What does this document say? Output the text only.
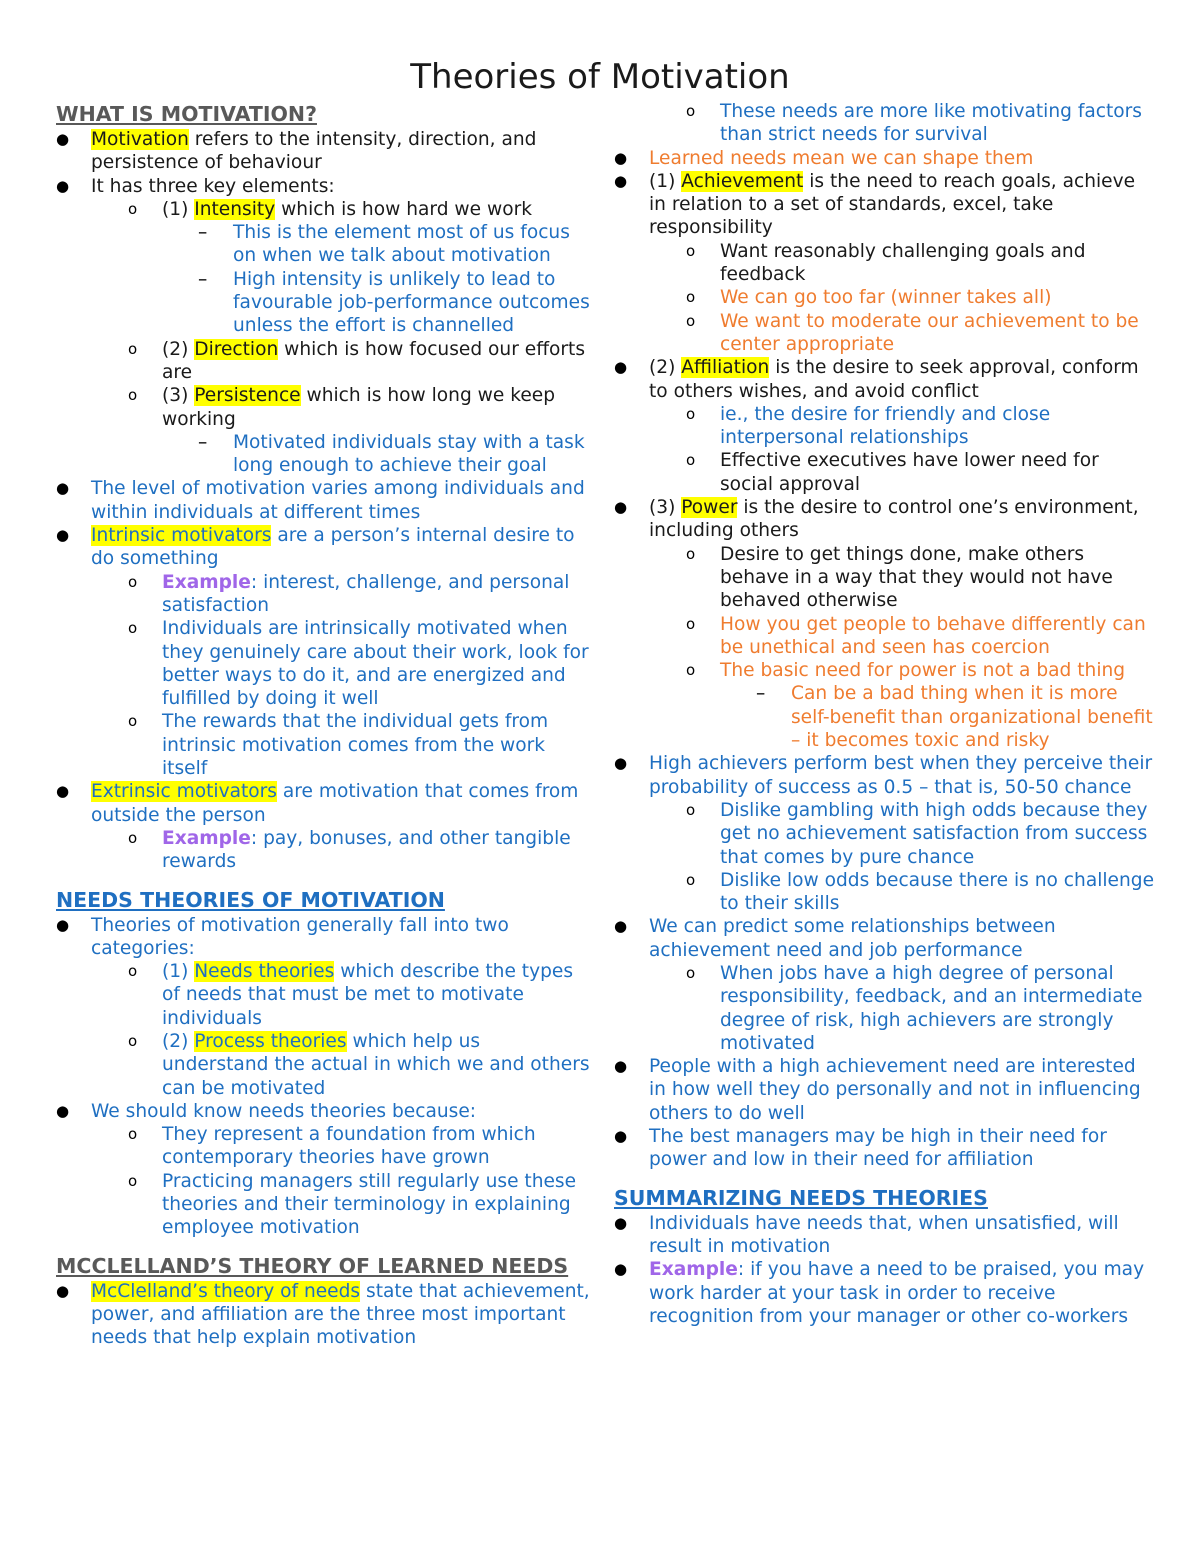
Theories of Motivation

WHAT IS MOTIVATION?

● Motivation refers to the intensity, direction, and persistence of behaviour
● It has three key elements:
o (1) Intensity which is how hard we work
– This is the element most of us focus on when we talk about motivation
– High intensity is unlikely to lead to favourable job-performance outcomes unless the effort is channelled
o (2) Direction which is how focused our efforts are
o (3) Persistence which is how long we keep working
– Motivated individuals stay with a task long enough to achieve their goal
● The level of motivation varies among individuals and within individuals at different times
● Intrinsic motivators are a person’s internal desire to do something
o Example: interest, challenge, and personal satisfaction
o Individuals are intrinsically motivated when they genuinely care about their work, look for better ways to do it, and are energized and fulfilled by doing it well
o The rewards that the individual gets from intrinsic motivation comes from the work itself
● Extrinsic motivators are motivation that comes from outside the person
o Example: pay, bonuses, and other tangible rewards

NEEDS THEORIES OF MOTIVATION

● Theories of motivation generally fall into two categories:
o (1) Needs theories which describe the types of needs that must be met to motivate individuals
o (2) Process theories which help us understand the actual in which we and others can be motivated
● We should know needs theories because:
o They represent a foundation from which contemporary theories have grown
o Practicing managers still regularly use these theories and their terminology in explaining employee motivation

MCCLELLAND’S THEORY OF LEARNED NEEDS

● McClelland’s theory of needs state that achievement, power, and affiliation are the three most important needs that help explain motivation
o These needs are more like motivating factors than strict needs for survival
● Learned needs mean we can shape them
● (1) Achievement is the need to reach goals, achieve in relation to a set of standards, excel, take responsibility
o Want reasonably challenging goals and feedback
o We can go too far (winner takes all)
o We want to moderate our achievement to be center appropriate
● (2) Affiliation is the desire to seek approval, conform to others wishes, and avoid conflict
o ie., the desire for friendly and close interpersonal relationships
o Effective executives have lower need for social approval
● (3) Power is the desire to control one’s environment, including others
o Desire to get things done, make others behave in a way that they would not have behaved otherwise
o How you get people to behave differently can be unethical and seen has coercion
o The basic need for power is not a bad thing
– Can be a bad thing when it is more self-benefit than organizational benefit – it becomes toxic and risky
● High achievers perform best when they perceive their probability of success as 0.5 – that is, 50-50 chance
o Dislike gambling with high odds because they get no achievement satisfaction from success that comes by pure chance
o Dislike low odds because there is no challenge to their skills
● We can predict some relationships between achievement need and job performance
o When jobs have a high degree of personal responsibility, feedback, and an intermediate degree of risk, high achievers are strongly motivated
● People with a high achievement need are interested in how well they do personally and not in influencing others to do well
● The best managers may be high in their need for power and low in their need for affiliation

SUMMARIZING NEEDS THEORIES

● Individuals have needs that, when unsatisfied, will result in motivation
● Example: if you have a need to be praised, you may work harder at your task in order to receive recognition from your manager or other co-workers
